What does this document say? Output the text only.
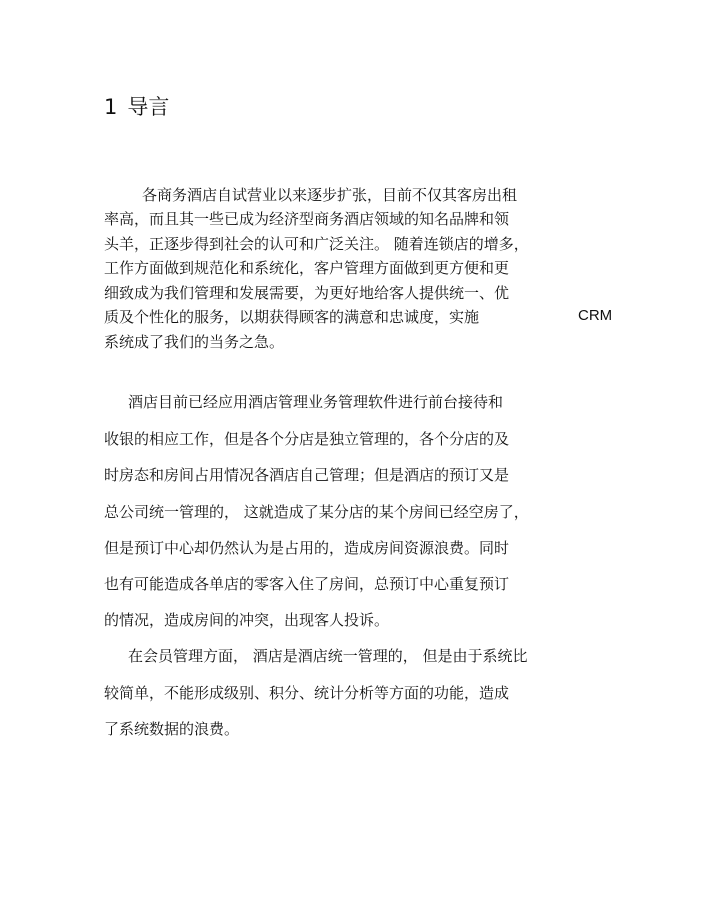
1 导言
各商务酒店自试营业以来逐步扩张，目前不仅其客房出租
率高，而且其一些已成为经济型商务酒店领域的知名品牌和领
头羊，正逐步得到社会的认可和广泛关注。 随着连锁店的增多，
工作方面做到规范化和系统化，客户管理方面做到更方便和更
细致成为我们管理和发展需要，为更好地给客人提供统一、优
质及个性化的服务，以期获得顾客的满意和忠诚度，实施	CRM
系统成了我们的当务之急。
酒店目前已经应用酒店管理业务管理软件进行前台接待和
收银的相应工作，但是各个分店是独立管理的，各个分店的及
时房态和房间占用情况各酒店自己管理；但是酒店的预订又是
总公司统一管理的， 这就造成了某分店的某个房间已经空房了，
但是预订中心却仍然认为是占用的，造成房间资源浪费。同时
也有可能造成各单店的零客入住了房间，总预订中心重复预订
的情况，造成房间的冲突，出现客人投诉。
在会员管理方面， 酒店是酒店统一管理的， 但是由于系统比
较简单，不能形成级别、积分、统计分析等方面的功能，造成
了系统数据的浪费。
